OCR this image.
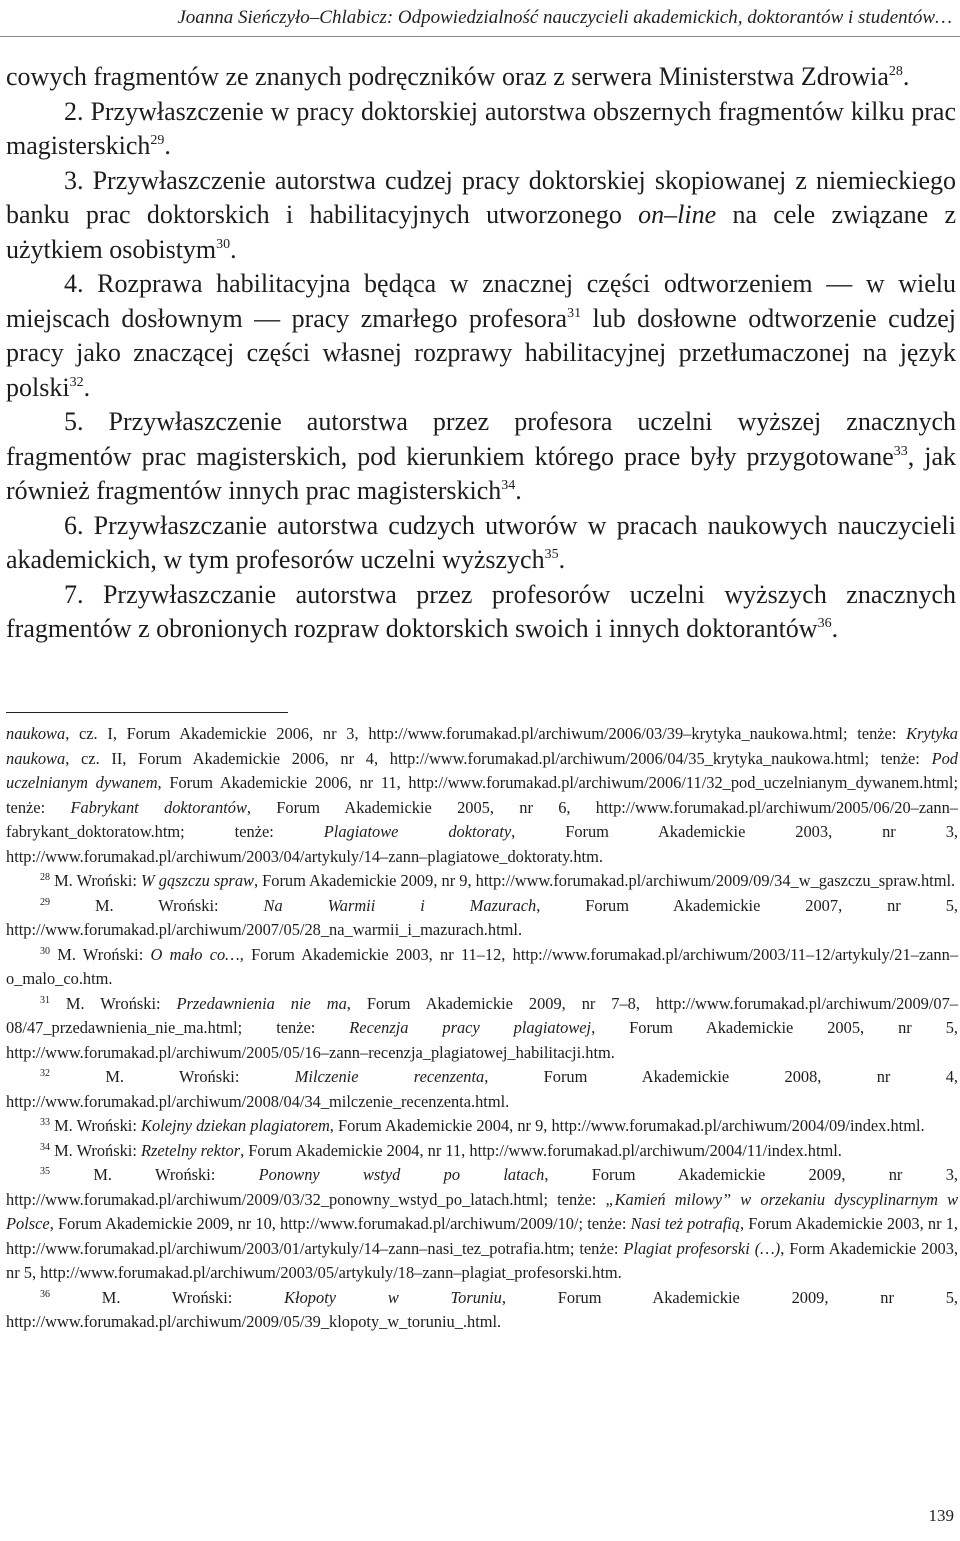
Joanna Sieńczyło–Chlabicz: Odpowiedzialność nauczycieli akademickich, doktorantów i studentów…

cowych fragmentów ze znanych podręczników oraz z serwera Ministerstwa Zdrowia$^{28}$.

2. Przywłaszczenie w pracy doktorskiej autorstwa obszernych fragmentów kilku prac magisterskich$^{29}$.

3. Przywłaszczenie autorstwa cudzej pracy doktorskiej skopiowanej z niemieckiego banku prac doktorskich i habilitacyjnych utworzonego on–line na cele związane z użytkiem osobistym$^{30}$.

4. Rozprawa habilitacyjna będąca w znacznej części odtworzeniem — w wielu miejscach dosłownym — pracy zmarłego profesora$^{31}$ lub dosłowne odtworzenie cudzej pracy jako znaczącej części własnej rozprawy habilitacyjnej przetłumaczonej na język polski$^{32}$.

5. Przywłaszczenie autorstwa przez profesora uczelni wyższej znacznych fragmentów prac magisterskich, pod kierunkiem którego prace były przygotowane$^{33}$, jak również fragmentów innych prac magisterskich$^{34}$.

6. Przywłaszczanie autorstwa cudzych utworów w pracach naukowych nauczycieli akademickich, w tym profesorów uczelni wyższych$^{35}$.

7. Przywłaszczanie autorstwa przez profesorów uczelni wyższych znacznych fragmentów z obronionych rozpraw doktorskich swoich i innych doktorantów$^{36}$.

naukowa, cz. I, Forum Akademickie 2006, nr 3, http://www.forumakad.pl/archiwum/2006/03/39–krytyka_naukowa.html; tenże: Krytyka naukowa, cz. II, Forum Akademickie 2006, nr 4, http://www.forumakad.pl/archiwum/2006/04/35_krytyka_naukowa.html; tenże: Pod uczelnianym dywanem, Forum Akademickie 2006, nr 11, http://www.forumakad.pl/archiwum/2006/11/32_pod_uczelnianym_dywanem.html; tenże: Fabrykant doktorantów, Forum Akademickie 2005, nr 6, http://www.forumakad.pl/archiwum/2005/06/20–zann–fabrykant_doktoratow.htm; tenże: Plagiatowe doktoraty, Forum Akademickie 2003, nr 3, http://www.forumakad.pl/archiwum/2003/04/artykuly/14–zann–plagiatowe_doktoraty.htm.

$^{28}$ M. Wroński: W gąszczu spraw, Forum Akademickie 2009, nr 9, http://www.forumakad.pl/archiwum/2009/09/34_w_gaszczu_spraw.html.

$^{29}$ M. Wroński: Na Warmii i Mazurach, Forum Akademickie 2007, nr 5, http://www.forumakad.pl/archiwum/2007/05/28_na_warmii_i_mazurach.html.

$^{30}$ M. Wroński: O mało co…, Forum Akademickie 2003, nr 11–12, http://www.forumakad.pl/archiwum/2003/11–12/artykuly/21–zann–o_malo_co.htm.

$^{31}$ M. Wroński: Przedawnienia nie ma, Forum Akademickie 2009, nr 7–8, http://www.forumakad.pl/archiwum/2009/07–08/47_przedawnienia_nie_ma.html; tenże: Recenzja pracy plagiatowej, Forum Akademickie 2005, nr 5, http://www.forumakad.pl/archiwum/2005/05/16–zann–recenzja_plagiatowej_habilitacji.htm.

$^{32}$ M. Wroński: Milczenie recenzenta, Forum Akademickie 2008, nr 4, http://www.forumakad.pl/archiwum/2008/04/34_milczenie_recenzenta.html.

$^{33}$ M. Wroński: Kolejny dziekan plagiatorem, Forum Akademickie 2004, nr 9, http://www.forumakad.pl/archiwum/2004/09/index.html.

$^{34}$ M. Wroński: Rzetelny rektor, Forum Akademickie 2004, nr 11, http://www.forumakad.pl/archiwum/2004/11/index.html.

$^{35}$ M. Wroński: Ponowny wstyd po latach, Forum Akademickie 2009, nr 3, http://www.forumakad.pl/archiwum/2009/03/32_ponowny_wstyd_po_latach.html; tenże: „Kamień milowy” w orzekaniu dyscyplinarnym w Polsce, Forum Akademickie 2009, nr 10, http://www.forumakad.pl/archiwum/2009/10/; tenże: Nasi też potrafią, Forum Akademickie 2003, nr 1, http://www.forumakad.pl/archiwum/2003/01/artykuly/14–zann–nasi_tez_potrafia.htm; tenże: Plagiat profesorski (…), Form Akademickie 2003, nr 5, http://www.forumakad.pl/archiwum/2003/05/artykuly/18–zann–plagiat_profesorski.htm.

$^{36}$ M. Wroński: Kłopoty w Toruniu, Forum Akademickie 2009, nr 5, http://www.forumakad.pl/archiwum/2009/05/39_klopoty_w_toruniu_.html.

139
